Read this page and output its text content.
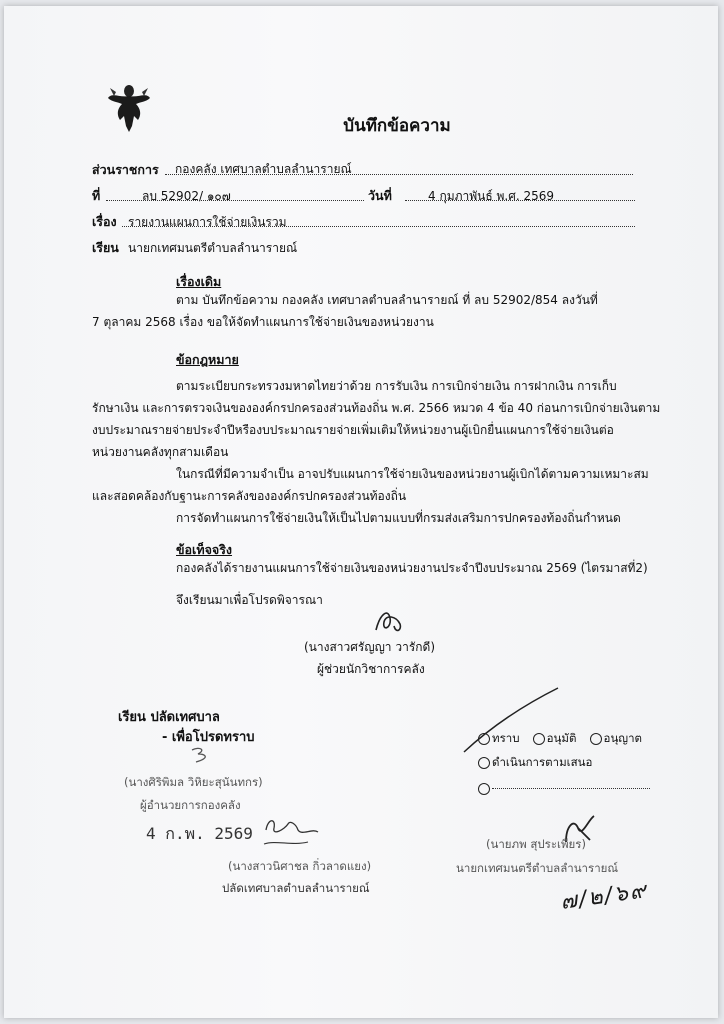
บันทึกข้อความ
ส่วนราชการ กองคลัง เทศบาลตำบลลำนารายณ์
ที่	ลบ 52902/ ๑๐๗	วันที่	4 กุมภาพันธ์ พ.ศ. 2569
เรื่อง รายงานแผนการใช้จ่ายเงินรวม
เรียน นายกเทศมนตรีตำบลลำนารายณ์
เรื่องเดิม
ตาม บันทึกข้อความ กองคลัง เทศบาลตำบลลำนารายณ์ ที่ ลบ 52902/854 ลงวันที่
7 ตุลาคม 2568 เรื่อง ขอให้จัดทำแผนการใช้จ่ายเงินของหน่วยงาน
ข้อกฎหมาย
ตามระเบียบกระทรวงมหาดไทยว่าด้วย การรับเงิน การเบิกจ่ายเงิน การฝากเงิน การเก็บ
รักษาเงิน และการตรวจเงินขององค์กรปกครองส่วนท้องถิ่น พ.ศ. 2566 หมวด 4 ข้อ 40 ก่อนการเบิกจ่ายเงินตาม
งบประมาณรายจ่ายประจำปีหรืองบประมาณรายจ่ายเพิ่มเติมให้หน่วยงานผู้เบิกยื่นแผนการใช้จ่ายเงินต่อ
หน่วยงานคลังทุกสามเดือน
ในกรณีที่มีความจำเป็น อาจปรับแผนการใช้จ่ายเงินของหน่วยงานผู้เบิกได้ตามความเหมาะสม
และสอดคล้องกับฐานะการคลังขององค์กรปกครองส่วนท้องถิ่น
การจัดทำแผนการใช้จ่ายเงินให้เป็นไปตามแบบที่กรมส่งเสริมการปกครองท้องถิ่นกำหนด
ข้อเท็จจริง
กองคลังได้รายงานแผนการใช้จ่ายเงินของหน่วยงานประจำปีงบประมาณ 2569 (ไตรมาสที่2)
จึงเรียนมาเพื่อโปรดพิจารณา
(นางสาวศรัญญา วารักดี)
ผู้ช่วยนักวิชาการคลัง
เรียน ปลัดเทศบาล
- เพื่อโปรดทราบ
(นางศิริพิมล วิหิยะสุนันทกร)
ผู้อำนวยการกองคลัง
4 ก.พ. 2569
(นางสาวนิศาชล กิ่วลาดแยง)
ปลัดเทศบาลตำบลลำนารายณ์
ทราบ
อนุมัติ
อนุญาต
ดำเนินการตามเสนอ
(นายภพ สุประเพียร)
นายกเทศมนตรีตำบลลำนารายณ์
๗/๒/๖๙
